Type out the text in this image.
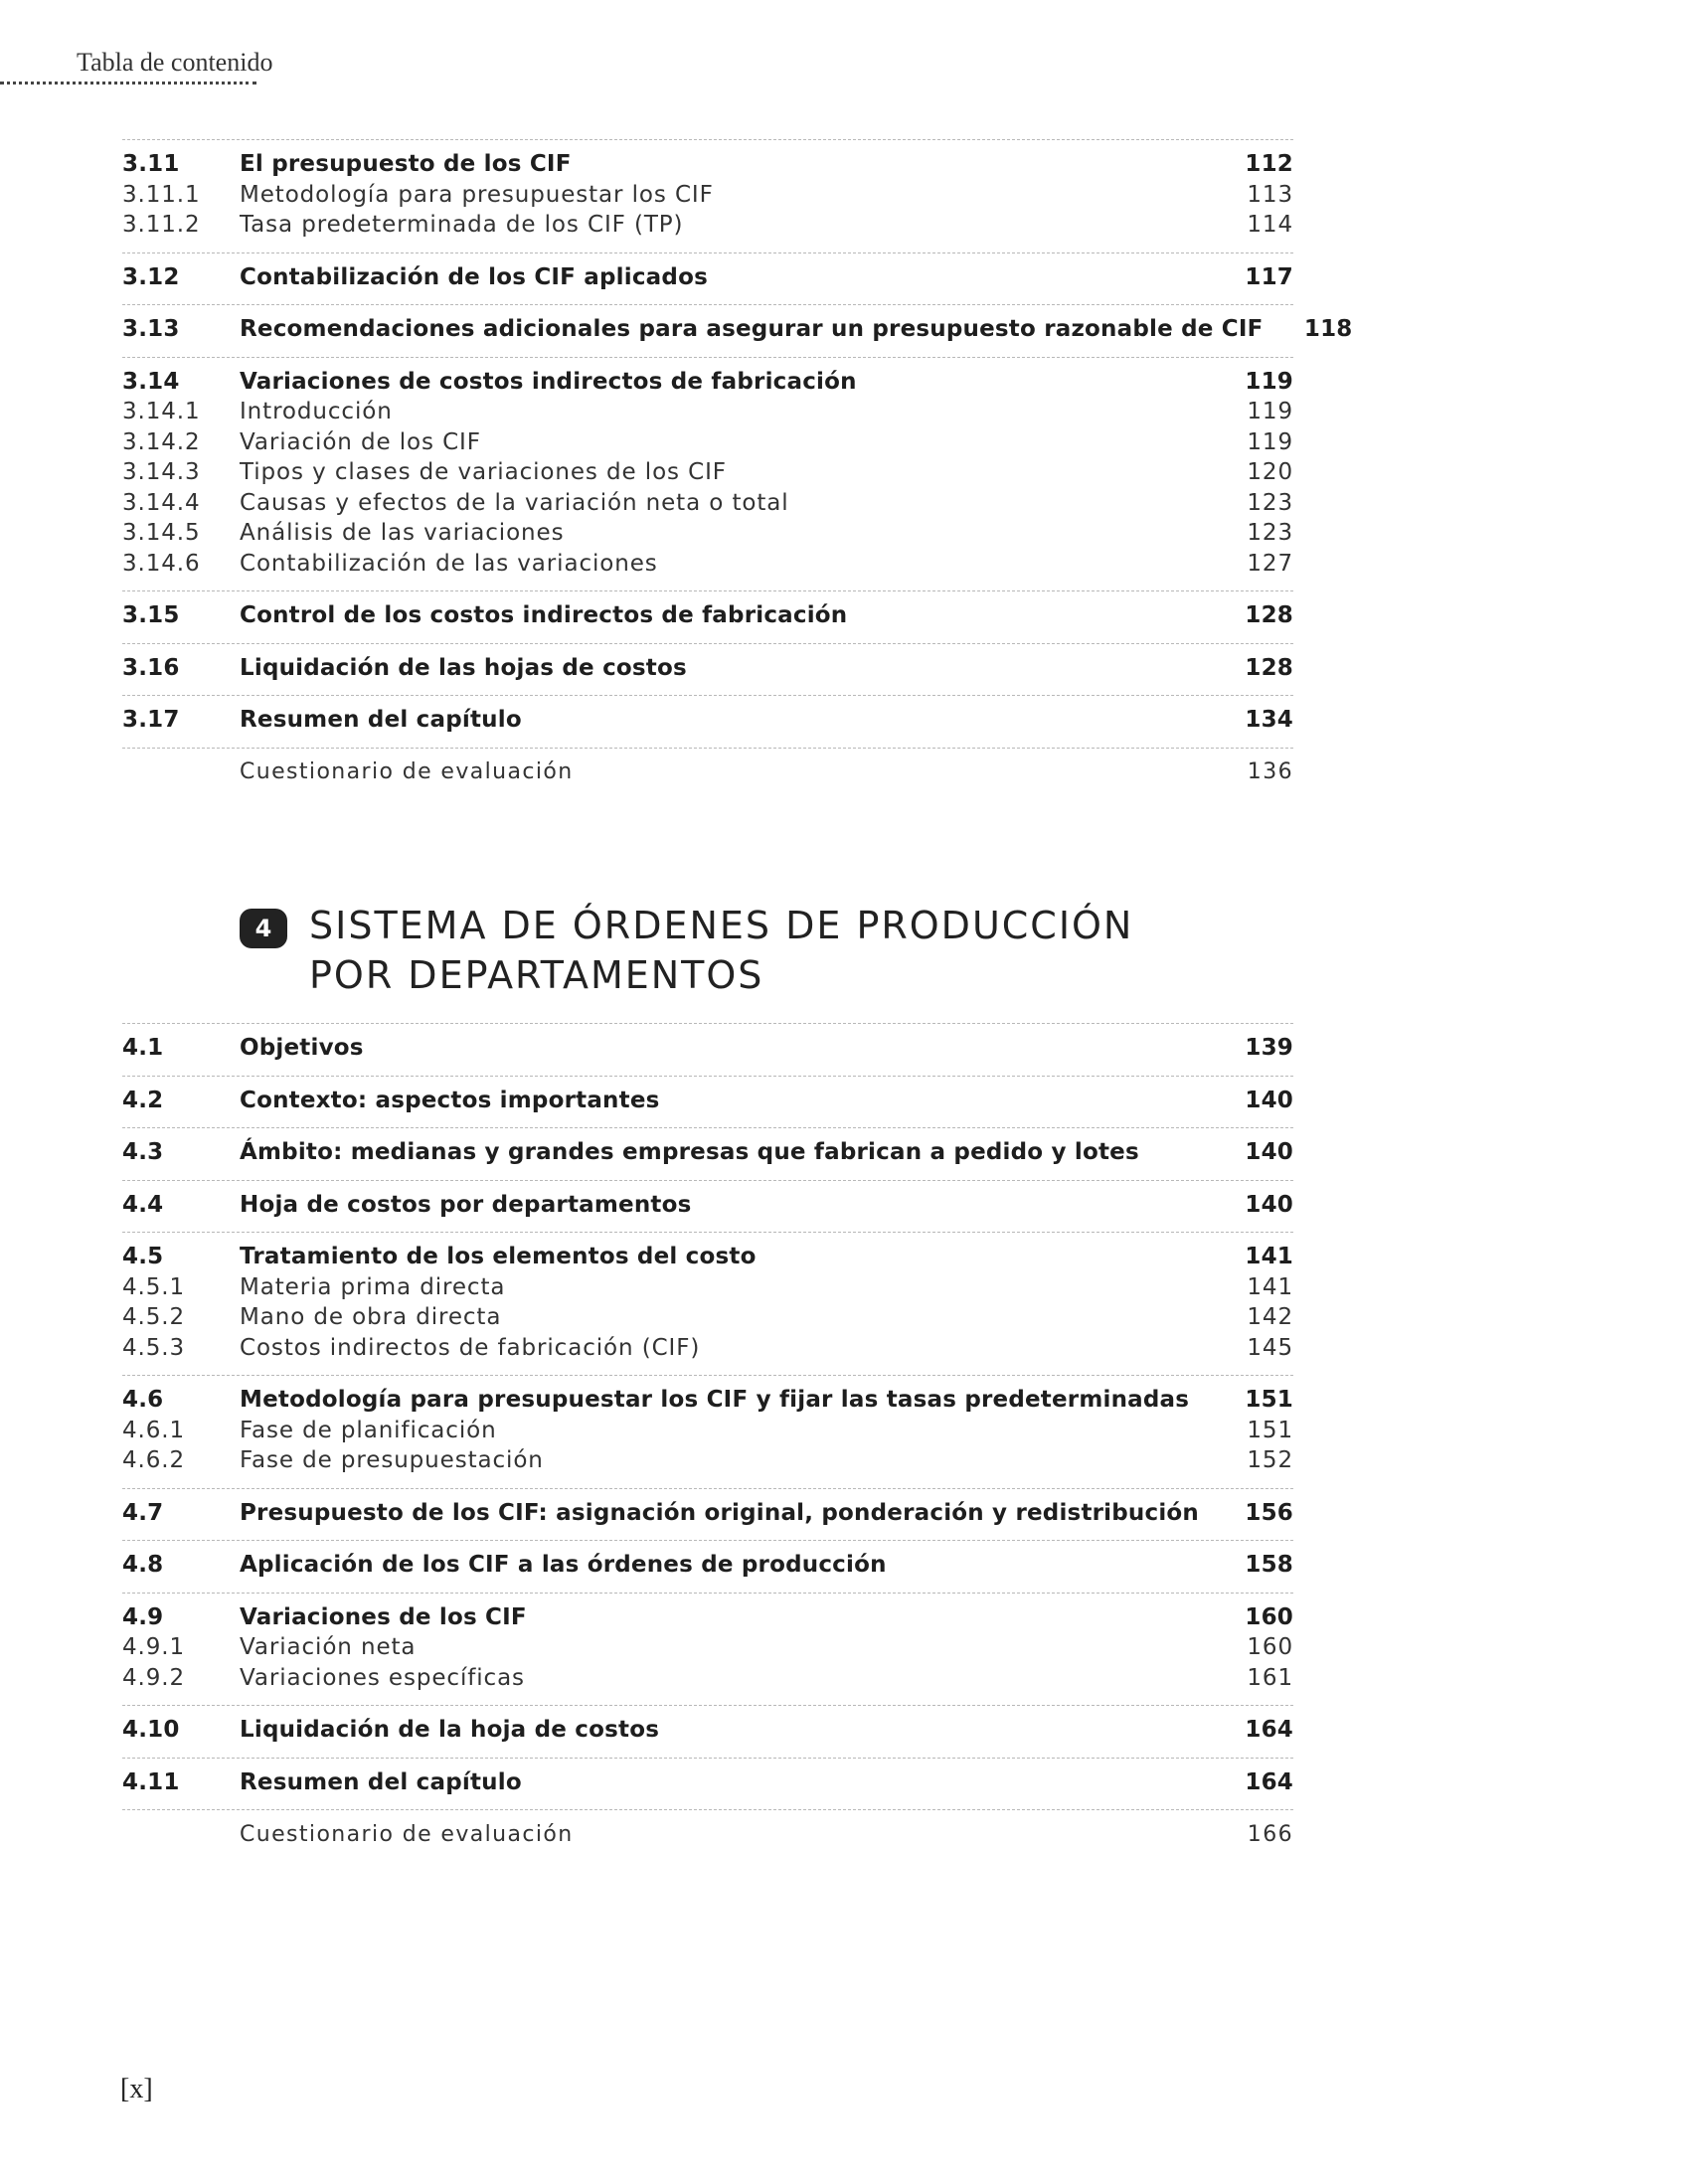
Tabla de contenido
3.11	El presupuesto de los CIF	112
3.11.1	Metodología para presupuestar los CIF	113
3.11.2	Tasa predeterminada de los CIF (TP)	114
3.12	Contabilización de los CIF aplicados	117
3.13	Recomendaciones adicionales para asegurar un presupuesto razonable de CIF	118
3.14	Variaciones de costos indirectos de fabricación	119
3.14.1	Introducción	119
3.14.2	Variación de los CIF	119
3.14.3	Tipos y clases de variaciones de los CIF	120
3.14.4	Causas y efectos de la variación neta o total	123
3.14.5	Análisis de las variaciones	123
3.14.6	Contabilización de las variaciones	127
3.15	Control de los costos indirectos de fabricación	128
3.16	Liquidación de las hojas de costos	128
3.17	Resumen del capítulo	134
Cuestionario de evaluación	136
4 SISTEMA DE ÓRDENES DE PRODUCCIÓN
POR DEPARTAMENTOS
4.1	Objetivos	139
4.2	Contexto: aspectos importantes	140
4.3	Ámbito: medianas y grandes empresas que fabrican a pedido y lotes	140
4.4	Hoja de costos por departamentos	140
4.5	Tratamiento de los elementos del costo	141
4.5.1	Materia prima directa	141
4.5.2	Mano de obra directa	142
4.5.3	Costos indirectos de fabricación (CIF)	145
4.6	Metodología para presupuestar los CIF y fijar las tasas predeterminadas	151
4.6.1	Fase de planificación	151
4.6.2	Fase de presupuestación	152
4.7	Presupuesto de los CIF: asignación original, ponderación y redistribución	156
4.8	Aplicación de los CIF a las órdenes de producción	158
4.9	Variaciones de los CIF	160
4.9.1	Variación neta	160
4.9.2	Variaciones específicas	161
4.10	Liquidación de la hoja de costos	164
4.11	Resumen del capítulo	164
Cuestionario de evaluación	166
[x]
